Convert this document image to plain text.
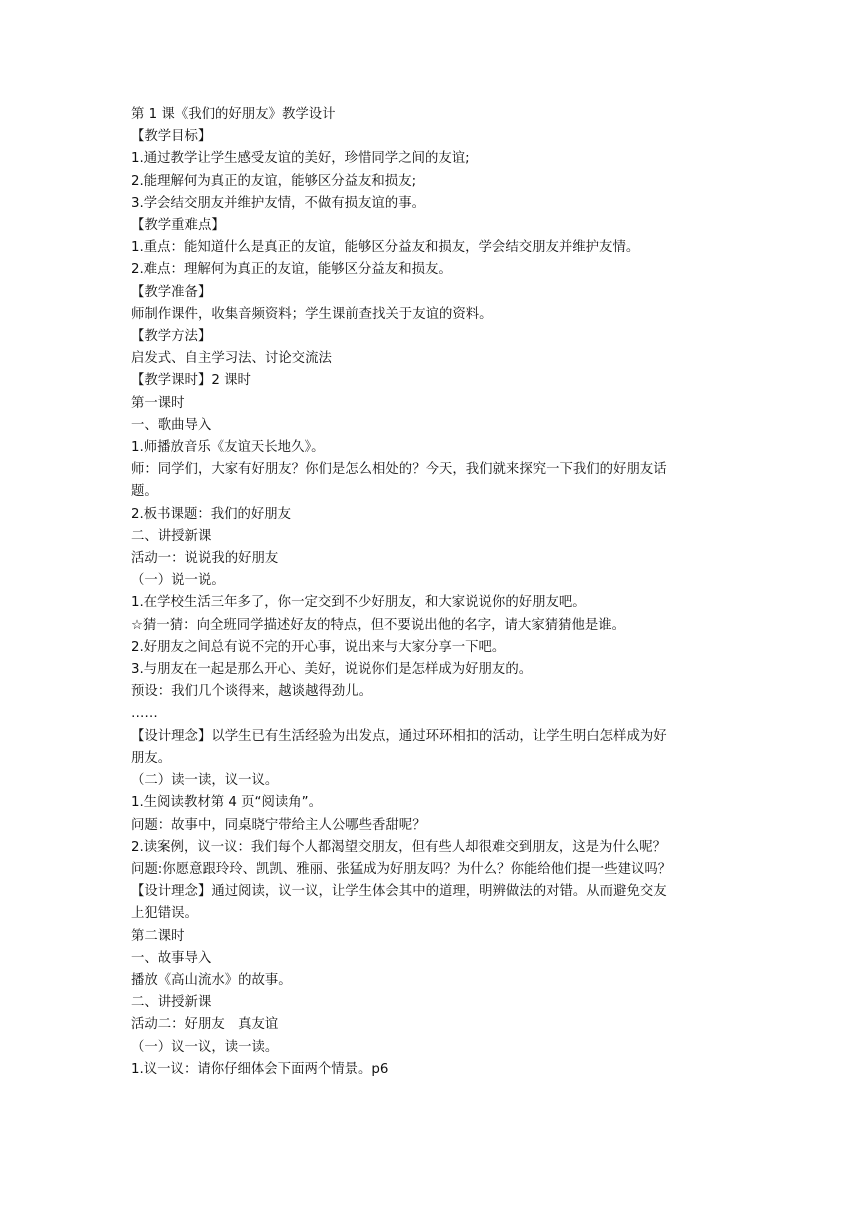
第 1 课《我们的好朋友》教学设计
【教学目标】
1.通过教学让学生感受友谊的美好，珍惜同学之间的友谊;
2.能理解何为真正的友谊，能够区分益友和损友;
3.学会结交朋友并维护友情，不做有损友谊的事。
【教学重难点】
1.重点：能知道什么是真正的友谊，能够区分益友和损友，学会结交朋友并维护友情。
2.难点：理解何为真正的友谊，能够区分益友和损友。
【教学准备】
师制作课件，收集音频资料；学生课前查找关于友谊的资料。
【教学方法】
启发式、自主学习法、讨论交流法
【教学课时】2 课时
第一课时
一、歌曲导入
1.师播放音乐《友谊天长地久》。
师：同学们，大家有好朋友？你们是怎么相处的？今天，我们就来探究一下我们的好朋友话
题。
2.板书课题：我们的好朋友
二、讲授新课
活动一：说说我的好朋友
（一）说一说。
1.在学校生活三年多了，你一定交到不少好朋友，和大家说说你的好朋友吧。
☆猜一猜：向全班同学描述好友的特点，但不要说出他的名字，请大家猜猜他是谁。
2.好朋友之间总有说不完的开心事，说出来与大家分享一下吧。
3.与朋友在一起是那么开心、美好，说说你们是怎样成为好朋友的。
预设：我们几个谈得来，越谈越得劲儿。
……
【设计理念】以学生已有生活经验为出发点，通过环环相扣的活动，让学生明白怎样成为好
朋友。
（二）读一读，议一议。
1.生阅读教材第 4 页“阅读角”。
问题：故事中，同桌晓宁带给主人公哪些香甜呢？
2.读案例，议一议：我们每个人都渴望交朋友，但有些人却很难交到朋友，这是为什么呢？
问题:你愿意跟玲玲、凯凯、雅丽、张猛成为好朋友吗？为什么？你能给他们提一些建议吗？
【设计理念】通过阅读，议一议，让学生体会其中的道理，明辨做法的对错。从而避免交友
上犯错误。
第二课时
一、故事导入
播放《高山流水》的故事。
二、讲授新课
活动二：好朋友　真友谊
（一）议一议，读一读。
1.议一议：请你仔细体会下面两个情景。p6
